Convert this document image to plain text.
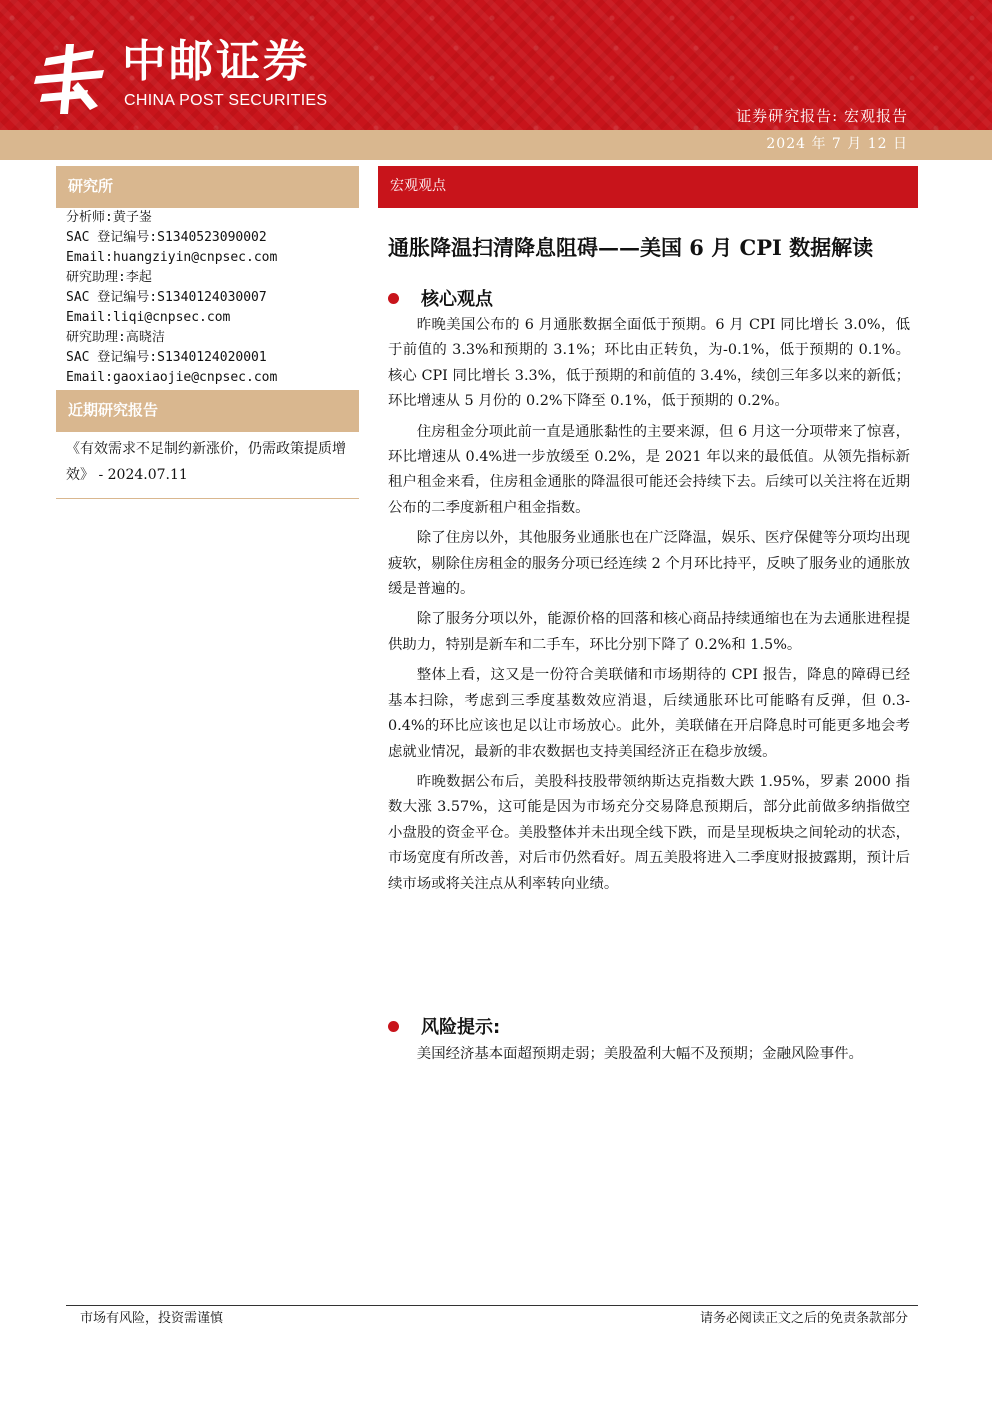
中邮证券
CHINA POST SECURITIES
证券研究报告: 宏观报告
2024 年 7 月 12 日
研究所
分析师:黄子崟
SAC 登记编号:S1340523090002
Email:huangziyin@cnpsec.com
研究助理:李起
SAC 登记编号:S1340124030007
Email:liqi@cnpsec.com
研究助理:高晓洁
SAC 登记编号:S1340124020001
Email:gaoxiaojie@cnpsec.com
近期研究报告
《有效需求不足制约新涨价，仍需政策提质增效》 - 2024.07.11
宏观观点
通胀降温扫清降息阻碍——美国 6 月 CPI 数据解读
核心观点

昨晚美国公布的 6 月通胀数据全面低于预期。6 月 CPI 同比增长 3.0%，低于前值的 3.3%和预期的 3.1%；环比由正转负，为-0.1%，低于预期的 0.1%。核心 CPI 同比增长 3.3%，低于预期的和前值的 3.4%，续创三年多以来的新低；环比增速从 5 月份的 0.2%下降至 0.1%，低于预期的 0.2%。

住房租金分项此前一直是通胀黏性的主要来源，但 6 月这一分项带来了惊喜，环比增速从 0.4%进一步放缓至 0.2%，是 2021 年以来的最低值。从领先指标新租户租金来看，住房租金通胀的降温很可能还会持续下去。后续可以关注将在近期公布的二季度新租户租金指数。

除了住房以外，其他服务业通胀也在广泛降温，娱乐、医疗保健等分项均出现疲软，剔除住房租金的服务分项已经连续 2 个月环比持平，反映了服务业的通胀放缓是普遍的。

除了服务分项以外，能源价格的回落和核心商品持续通缩也在为去通胀进程提供助力，特别是新车和二手车，环比分别下降了 0.2%和 1.5%。

整体上看，这又是一份符合美联储和市场期待的 CPI 报告，降息的障碍已经基本扫除，考虑到三季度基数效应消退，后续通胀环比可能略有反弹，但 0.3-0.4%的环比应该也足以让市场放心。此外，美联储在开启降息时可能更多地会考虑就业情况，最新的非农数据也支持美国经济正在稳步放缓。

昨晚数据公布后，美股科技股带领纳斯达克指数大跌 1.95%，罗素 2000 指数大涨 3.57%，这可能是因为市场充分交易降息预期后，部分此前做多纳指做空小盘股的资金平仓。美股整体并未出现全线下跌，而是呈现板块之间轮动的状态，市场宽度有所改善，对后市仍然看好。周五美股将进入二季度财报披露期，预计后续市场或将关注点从利率转向业绩。

风险提示:

美国经济基本面超预期走弱；美股盈利大幅不及预期；金融风险事件。

市场有风险，投资需谨慎	请务必阅读正文之后的免责条款部分
